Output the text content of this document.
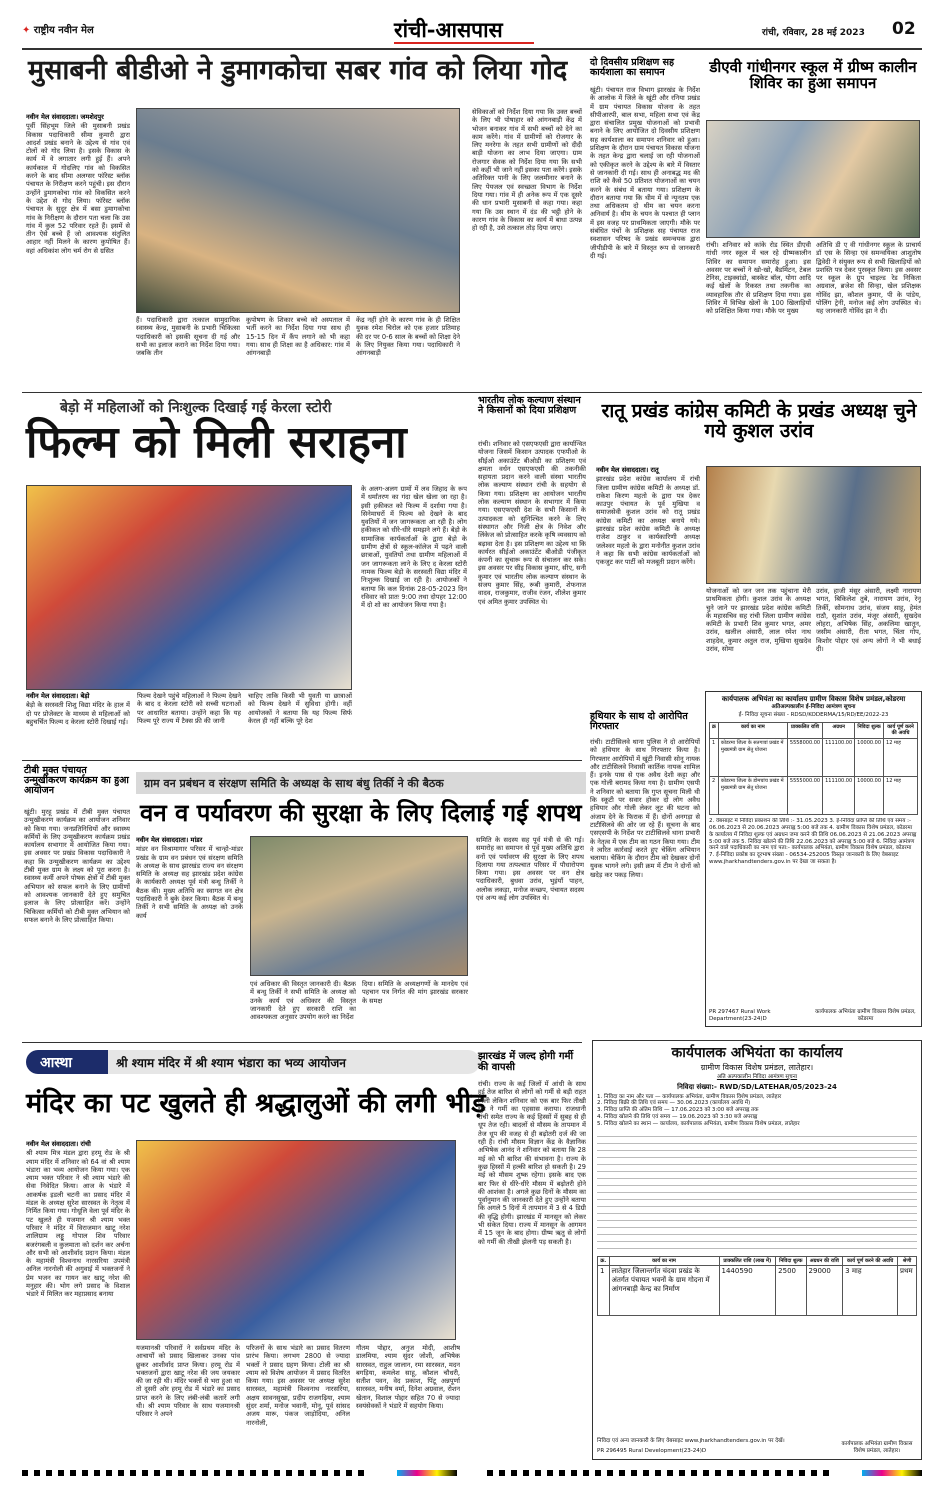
✦ राष्ट्रीय नवीन मेल	रांची-आसपास	रांची, रविवार, 28 मई 2023 02
मुसाबनी बीडीओ ने डुमागकोचा सबर गांव को लिया गोद

नवीन मेल संवाददाता। जमशेदपुर

पूर्वी सिंहभूम जिले की मुसाबनी प्रखंड विकास पदाधिकारी सीमा कुमारी द्वारा आदर्श प्रखंड बनाने के उद्देश्य से गांव एवं टोलों को गोद लिया है। इसके विकास के कार्य में वे लगातार लगी हुई हैं। अपने कार्यकाल में गोदलिए गांव को विकसित करने के बाद सीमा अलग्सर फॉरेस्ट ब्लॉक पंचायत के निरीक्षण करने पहुंची। इस दौरान उन्होंने डुमागकोचा गांव को विकसित करने के उद्देश से गोद लिया। फॉरेस्ट ब्लॉक पंचायत के सुदूर क्षेत्र में बसा डुमागकोचा गांव के निरीक्षण के दौरान पता चला कि उस गांव में कुल 52 परिवार रहते हैं। इसमें से तीन ऐसे बच्चे हैं जो आवश्यक संतुलित आहार नहीं मिलने के कारण कुपोषित हैं। वहां अधिकांश लोग चर्म रोग से ग्रसित

हैं। पदाधिकारी द्वारा तत्काल सामुदायिक स्वास्थ्य केन्द्र, मुसाबनी के प्रभारी चिकित्सा पदाधिकारी को इसकी सूचना दी गई और सभी का इलाज कराने का निर्देश दिया गया। जबकि तीन
कुपोषण के शिकार बच्चे को अस्पताल में भर्ती करने का निर्देश दिया गया साथ ही 15-15 दिन में कैंप लगाने को भी कहा गया। साथ ही शिक्षा का है अधिकार: गांव में आंगनबाड़ी
केंद्र नहीं होने के कारण गांव के ही शिक्षित युवक रमेश चिरोल को एक हजार प्रतिमाह की दर पर 0-6 साल के बच्चों को शिक्षा देने के लिए नियुक्त किया गया। पदाधिकारी ने आंगनबाड़ी
सेविकाओं को निर्देश दिया गया कि उक्त बच्चों के लिए भी पोषाहार को आंगनबाड़ी केंद्र में भोजन बनाकर गांव में सभी बच्चों को देने का काम करेंगे। गांव में ग्रामीणों को रोजगार के लिए मनरेगा के तहत सभी ग्रामीणों को दीदी बाड़ी योजना का लाभ दिया जाएगा। ग्राम रोजगार सेवक को निर्देश दिया गया कि सभी को कहीं भी जाने नहीं इसका पता करेंगे। इसके अतिरिक्त पानी के लिए जलमीनार बनाने के लिए पेयजल एवं स्वच्छता विभाग के निर्देश दिया गया। गांव में ही अनेक रूप में एक दूसरे की धान प्रभारी मुसाबनी से कहा गया। कहा गया कि उस स्थान में दंड की भट्ठी होने के कारण गांव के विकास का कार्य में बाधा उत्पन्न हो रही है, उसे तत्काल तोड़ दिया जाए।
दो दिवसीय प्रशिक्षण सह कार्यशाला का समापन
खूंटी। पंचायत राज विभाग झारखंड के निर्देश के आलोक में जिले के खूंटी और रनिया प्रखंड में ग्राम पंचायत विकास योजना के तहत सीपीआरपी, बाल सभा, महिला सभा एवं केंद्र द्वारा संचालित प्रमुख योजनाओं को प्रभावी बनाने के लिए आयोजित दो दिवसीय प्रशिक्षण सह कार्यशाला का समापन शनिवार को हुआ। प्रशिक्षण के दौरान ग्राम पंचायत विकास योजना के तहत केन्द्र द्वारा चलाई जा रही योजनाओं को एकीकृत करने के उद्देश्य के बारे में विस्तार से जानकारी दी गई। साथ ही अनाबद्ध मद की राशि को कैसे 50 प्रतिशत योजनाओं का चयन करने के संबंध में बताया गया। प्रशिक्षण के दौरान बताया गया कि थीम में से न्यूनतम एक तथा अधिकतम दो थीम का चयन करना अनिवार्य है। थीम के चयन के पश्चात ही प्लान में इस वजह पर प्राथमिकता जाएगी। मौके पर संबंधित पंचों के प्रशिक्षक सह पंचायत राज स्वशासन परिषद के प्रखंड समन्वयक द्वारा जीपीडीपी के बारे में विस्तृत रूप से जानकारी दी गई।
डीएवी गांधीनगर स्कूल में ग्रीष्म कालीन शिविर का हुआ समापन
रांची। शनिवार को कांके रोड स्थित डीएवी गांधी नगर स्कूल में चल रहे ग्रीष्मकालीन शिविर का समापन समारोह हुआ। इस अवसर पर बच्चों ने खो-खो, बैडमिंटन, टेबल टेनिस, टाइक्वांडो, बास्केट बॉल, योगा आदि कई खेलों के रिकस्त तथा तकनीक का व्यावहारिक तौर से प्रशिक्षण दिया गया। इस शिविर में विभिन्न खेलों के 100 खिलाड़ियों को प्रशिक्षित किया गया। मौके पर मुख्य
अतिथि डी ए वी गांधीनगर स्कूल के प्राचार्य डॉ एस के सिन्हा एवं समन्वयिका आशुतोष द्विवेदी ने संयुक्त रूप से सभी खिलाड़ियों को प्रशस्ति पत्र देकर पुरस्कृत किया। इस अवसर पर स्कूल के ग्रुप चाइल्ड रेड निकिता अग्रवाल, ब्रजेश सी सिन्हा, खेल प्रशिक्षक गोविंद झा, कौशल कुमार, पी के पांडेय, पोलिंग ट्रेनी, मनोज कई लोग उपस्थित थे। यह जानकारी गोविंद झा ने दी।
बेड़ो में महिलाओं को निःशुल्क दिखाई गई केरला स्टोरी
फिल्म को मिली सराहना
के अलग-अलग ग्रामों में लव जिहाद के रूप में धर्मांतरण का गंदा खेल खेला जा रहा है। इसी हकीकत को फिल्म में दर्शाया गया है। सिनेमाघरों में फिल्म को देखने के बाद युवतियों में जन जागरूकता आ रही है। लोग हकीकत को धीरे-धीरे समझने लगे हैं। बेड़ो के सामाजिक कार्यकर्ताओं के द्वारा बेड़ो के ग्रामीण क्षेत्रों से स्कूल-कॉलेज में पढ़ने वाली छात्राओं, युवतियों तथा ग्रामीण महिलाओं में जन जागरूकता लाने के लिए द केरला स्टोरी नामक फिल्म बेड़ो के सरस्वती विद्या मंदिर में निःशुल्क दिखाई जा रही है। आयोजकों ने बताया कि कल दिनांक 28-05-2023 दिन रविवार को प्रातः 9:00 तथा दोपहर 12:00 में दो शो का आयोजन किया गया है।

नवीन मेल संवाददाता। बेड़ो

बेड़ो के सरस्वती शिशु विद्या मंदिर के हाल में दो पर प्रोजेक्टर के माध्यम से महिलाओं को बहुचर्चित फिल्म द केरला स्टोरी दिखाई गई।

फिल्म देखने पहुंचे महिलाओं ने फिल्म देखने के बाद द केरला स्टोरी को सच्ची घटनाओं पर आधारित बताया। उन्होंने कहा कि यह फिल्म पूरे राज्य में टैक्स फ्री की जानी
चाहिए ताकि किसी भी युवती या छात्राओं को फिल्म देखने में सुविधा होगी। वहीं आयोजकों ने बताया कि यह फिल्म सिर्फ केरल ही नहीं बल्कि पूरे देश
भारतीय लोक कल्याण संस्थान ने किसानों को दिया प्रशिक्षण
रांची। शनिवार को एसएफएसी द्वारा कार्यान्वित योजना जिसमें किसान उत्पादक एफपीओ के सीईओ अकाउंटेंट बीओडी का प्रशिक्षण एवं क्षमता वर्धन एसएफएसी की तकनीकी सहायता प्रदान करने वाली संस्था भारतीय लोक कल्याण संस्थान रांची के सहयोग से किया गया। प्रशिक्षण का आयोजन भारतीय लोक कल्याण संस्थान के सभागार में किया गया। एसएफएसी देश के सभी किसानों के उत्पादकता को सुनिश्चित करने के लिए संस्थागत और निजी क्षेत्र के निवेश और लिंकेज को प्रोत्साहित करके कृषि व्यवसाय को बढ़ावा देता है। इस प्रशिक्षण का उद्देश्य था कि कार्यरत सीईओ अकाउंटेंट बीओडी पंजीकृत कंपनी का सुचारू रूप से संचालन कर सके। इस अवसर पर सीइ विकास कुमार, सीए, सनी कुमार एवं भारतीय लोक कल्याण संस्थान के संजय कुमार सिंह, रूबी कुमारी, शेफनाज वादव, राजकुमार, राजीव रंजन, शीलेश कुमार एवं अमित कुमार उपस्थित थे।
रातू प्रखंड कांग्रेस कमिटी के प्रखंड अध्यक्ष चुने गये कुशल उरांव

नवीन मेल संवाददाता। रातू

झारखंड प्रदेश कांग्रेस कार्यालय में रांची जिला ग्रामीण कांग्रेस कमिटी के अध्यक्ष डॉ. राकेश किरण महतो के द्वारा पत्र देकर काउपुर पंचायत के पूर्व मुखिया व समाजसेवी कुशल उरांव को रातू प्रखंड कांग्रेस कमिटी का अध्यक्ष बनाये गये। झारखंड प्रदेश कांग्रेस कमिटी के अध्यक्ष राजेश ठाकुर व कार्यकारिणी अध्यक्ष जलेश्वर महतो के द्वारा मनोनीत कुशल उरांव ने कहा कि सभी कांग्रेस कार्यकर्ताओं को एकजुट कर पार्टी को मजबूती प्रदान करेंगे।

योजनाओं को जन जन तक पहुंचाना मेरी प्राथमिकता होगी। कुशल उरांव के अध्यक्ष चुने जाने पर झारखंड प्रदेश कांग्रेस कमिटी के महासचिव सह रांची जिला ग्रामीण कांग्रेस कमिटी के प्रभारी शिव कुमार भगत, अमर उरांव, खलील अंसारी, लाल रमेश नाथ शाहदेव, कुमार अतुल राज, मुखिया सुखदेव उरांव, सोमा
उरांव, हाजी मंसूर अंसारी, लक्ष्मी नारायण भगत, बिकिलेश तुबे, नारायण उरांव, रेनू तिर्की, सोमनाथ उरांव, संजय साहू, हेमंत राठौ, सुशांत उरांव, मंजूर अंसारी, सुखदेव लोहरा, अभिषेक सिंह, अकलिमा खातून, जसीम अंसारी, रीता भगत, चिंता गोप, किशोर पोद्दार एवं अन्य लोगों ने भी बधाई दी।
कार्यपालक अभियंता का कार्यालय ग्रामीण विकास विशेष प्रमंडल,कोडरमा
अतिअल्पकालीन ई-निविदा आमंत्रण सूचना
ई- निविदा सूचना संख्या - RDSD/KODERMA/15/RD/EE/2022-23
क्र	कार्य का नाम	प्राक्कलित राशि	अग्रधन	निविदा शुल्क	कार्य पूर्ण करने की अवधि
1	कोडरमा जिला के सतगावां प्रखंड में मुख्यमंत्री ग्राम सेतु योजना	5558000.00	111100.00	10000.00	12 माह
2	कोडरमा जिला के डोमचांच प्रखंड में मुख्यमंत्री ग्राम सेतु योजना	5555000.00	111100.00	10000.00	12 माह
2. वेबसाइट में निविदा प्रकाशन की तिथि :- 31.05.2023 3. ई-निविदा प्राप्ति की तिथि एवं समय :- 06.06.2023 से 20.06.2023 अपराह्न 5:00 बजे तक 4. ग्रामीण विकास विशेष प्रमंडल, कोडरमा के कार्यालय में निविदा शुल्क एवं अग्रधन जमा करने की तिथि 06.06.2023 से 21.06.2023 अपराह्न 5:00 बजे तक 5. निविदा खोलने की तिथि 22.06.2023 को अपराह्न 5:00 बजे 6. निविदा आमंत्रण करने वाले पदाधिकारी का नाम एवं पता:- कार्यपालक अभियंता, ग्रामीण विकास विशेष प्रमंडल, कोडरमा 7. ई-निविदा प्रकोष्ठ का दूरभाष संख्या - 06534-252005 विस्तृत जानकारी के लिए वेबसाइट www.jharkhandtenders.gov.in पर देखा जा सकता है।
PR 297467 Rural Work Department(23-24)D
कार्यपालक अभियंता ग्रामीण विकास विशेष प्रमंडल, कोडरमा
हथियार के साथ दो आरोपित गिरफ्तार
रांची। टाटीसिलवे थाना पुलिस ने दो आरोपियों को हथियार के साथ गिरफ्तार किया है। गिरफ्तार आरोपियों में खूंटी निवासी सोनू नायक और टाटीसिलवे निवासी कार्तिक नायक शामिल हैं। इनके पास से एक अवैध देशी कट्टा और एक गोली बरामद किया गया है। ग्रामीण एसपी ने शनिवार को बताया कि गुप्त सूचना मिली थी कि स्कूटी पर सवार होकर दो लोग अवैध हथियार और गोली लेकर लूट की घटना को अंजाम देने के फिराक में हैं। दोनों अनगड़ा से टाटीसिलवे की ओर जा रहे हैं। सूचना के बाद एसएसपी के निर्देश पर टाटीसिलवे थाना प्रभारी के नेतृत्व में एक टीम का गठन किया गया। टीम ने त्वरित कार्रवाई करते हुए चेकिंग अभियान चलाया। चेकिंग के दौरान टीम को देखकर दोनों युवक भागने लगे। इसी क्रम में टीम ने दोनों को खदेड़ कर पकड़ लिया।
टीबी मुक्त पंचायत उन्मुखीकरण कार्यक्रम का हुआ आयोजन
खूंटी। मुरहू प्रखंड में टीबी मुक्त पंचायत उन्मुखीकरण कार्यक्रम का आयोजन शनिवार को किया गया। जनप्रतिनिधियों और स्वास्थ्य कर्मियों के लिए उन्मुखीकरण कार्यक्रम प्रखंड कार्यालय सभागार में आयोजित किया गया। इस अवसर पर प्रखंड विकास पदाधिकारी ने कहा कि उन्मुखीकरण कार्यक्रम का उद्देश्य टीबी मुक्त ग्राम के लक्ष्य को पूरा करना है। स्वास्थ्य कर्मी अपने पोषक क्षेत्रों में टीबी मुक्त अभियान को सफल बनाने के लिए ग्रामीणों को आवश्यक जानकारी देते हुए समुचित इलाज के लिए प्रोत्साहित करें। उन्होंने चिकित्सा कर्मियों को टीबी मुक्त अभियान को सफल बनाने के लिए प्रोत्साहित किया।
ग्राम वन प्रबंधन व संरक्षण समिति के अध्यक्ष के साथ बंधु तिर्की ने की बैठक
वन व पर्यावरण की सुरक्षा के लिए दिलाई गई शपथ

नवीन मेल संवाददाता। मांडर

मांडर वन विश्रामागार परिसर में चान्हो-मांडर प्रखंड के ग्राम वन प्रबंधन एवं संरक्षण समिति के अध्यक्ष के साथ झारखंड राज्य वन संरक्षण समिति के अध्यक्ष सह झारखंड प्रदेश कांग्रेस के कार्यकारी अध्यक्ष पूर्व मंत्री बन्धु तिर्की ने बैठक की। मुख्य अतिथि का स्वागत वन क्षेत्र पदाधिकारी ने बुके देकर किया। बैठक में बन्धु तिर्की ने सभी समिति के अध्यक्ष को उनके कार्य

एवं अधिकार की विस्तृत जानकारी दी। बैठक में बन्धु तिर्की ने सभी समिति के अध्यक्ष को उनके कार्य एवं अधिकार की विस्तृत जानकारी देते हुए सरकारी राशि का आवश्यकता अनुसार उपयोग करने का निर्देश
दिया। समिति के अध्यक्षगणों के मानदेय एवं पहचान पत्र निर्गत की मांग झारखंड सरकार के समक्ष
समिति के सदस्य सह पूर्व मंत्री से की गई। समारोह का समापन से पूर्व मुख्य अतिथि द्वारा वनों एवं पर्यावरण की सुरक्षा के लिए शपथ दिलाया गया तत्पश्चात परिसर में पौधारोपण किया गया। इस अवसर पर वन क्षेत्र पदाधिकारी, बुधवा उरांव, भुइंयाँ पाहन, अलोक लकड़ा, मनोज कच्छप, पंचायत सदस्य एवं अन्य कई लोग उपस्थित थे।
आस्था	श्री श्याम मंदिर में श्री श्याम भंडारा का भव्य आयोजन
मंदिर का पट खुलते ही श्रद्धालुओं की लगी भीड़

नवीन मेल संवाददाता। रांची

श्री श्याम मित्र मंडल द्वारा हरमू रोड के श्री श्याम मंदिर में शनिवार को 64 वां श्री श्याम भंडारा का भव्य आयोजन किया गया। एक श्याम भक्त परिवार ने श्री श्याम भंडारे की सेवा निवेदित किया। आज के भंडारे में आकर्षक इडली चटनी का प्रसाद मंदिर में मंडल के अध्यक्ष सुरेश सारस्वत के नेतृत्व में निर्मित किया गया। गोधूलि वेला पूर्व मंदिर के पट खुलते ही यजमान श्री श्याम भक्त परिवार ने मंदिर में विराजमान खाटू नरेश शालिग्राम लड्डू गोपाल शिव परिवार बजरंगबली व कुलमाता को दर्शन कर अर्चना और सभी को आशीर्वाद प्रदान किया। मंडल के महामंत्री विश्वनाथ नारसरिया उपमंत्री अनिल नारनोली की अगुवाई में भक्तजनों ने प्रेम भजन का गायन कर खाटू नरेश की मनुहार की। भोग लगे प्रसाद के विशाल भंडारे में मिलित कर महाप्रसाद बनाया

यजमानश्री परिवारों ने सर्वप्रथम मंदिर के आचार्यों को प्रसाद खिलाकर उनका पांव छूकर आशीर्वाद प्राप्त किया। हरमू रोड में भक्तजनों द्वारा खाटू नरेश की जय जयकार की जा रही थी। मंदिर भक्तों से भरा हुआ था तो दूसरी ओर हरमू रोड में भंडारे का प्रसाद प्राप्त करने के लिए लंबी-लंबी कतारें लगी थी। श्री श्याम परिवार के साथ यजमानश्री परिवार ने अपने
परिजनों के साथ भंडारे का प्रसाद वितरण प्रारंभ किया। लगभग 2800 से ज्यादा भक्तों ने प्रसाद ग्रहण किया। टोली का श्री श्याम को विशेष आयोजन में प्रसाद वितरित किया गया। इस अवसर पर अध्यक्ष सुरेश सारस्वत, महामंत्री विश्वनाथ नारसरिया, अक्षय सावनसुखा, प्रदीप राजगढ़िया, श्याम सुंदर शर्मा, मनोज भवानी, मोनू, पूर्व सांसद अजय मारू, पंकज जाड़ोदिया, अनिल नारनोली,
गौतम पोद्दार, अनुज मोदी, आशीष डालमिया, श्याम सुंदर जोशी, अभिषेक सारस्वत, राहुल जालान, रमा सारस्वत, मदन बगड़िया, कमलेश साहू, कौशल चौधरी, सतीश पवन, वेद प्रकाश, पिंटू अन्नपूर्णा सारस्वत, मनीष वर्मा, दिनेश अग्रवाल, रोशन खेतान, विशाल पोद्दार सहित 70 से ज्यादा स्वयंसेवकों ने भंडारे में सहयोग किया।
झारखंड में जल्द होगी गर्मी की वापसी
रांची। राज्य के कई जिलों में आंधी के साथ हुई तेज बारिश से लोगों को गर्मी से बड़ी राहत मिली लेकिन शनिवार को एक बार फिर तीखी धूप ने गर्मी का एहसास कराया। राजधानी रांची समेत राज्य के कई हिस्सों में सुबह से ही धूप तेज रही। बादलों से मौसम के तापमान में तेज धूप की वजह से ही बढ़ोतरी दर्ज की जा रही है। रांची मौसम विज्ञान केंद्र के वैज्ञानिक अभिषेक आनंद ने शनिवार को बताया कि 28 मई को भी बारिश की संभावना है। राज्य के कुछ हिस्सों में हल्की बारिश हो सकती है। 29 मई को मौसम शुष्क रहेगा। इसके बाद एक बार फिर से धीरे-धीरे मौसम में बढ़ोतरी होने की आशंका है। अगले कुछ दिनों के मौसम का पूर्वानुमान की जानकारी देते हुए उन्होंने बताया कि अगले 5 दिनों में तापमान में 3 से 4 डिग्री की वृद्धि होगी। झारखंड में मानसून को लेकर भी संकेत दिया। राज्य में मानसून के आगमन में 15 जून के बाद होगा। ग्रीष्म ऋतु से लोगों को गर्मी की तीखी झेलनी पड़ सकती है।
कार्यपालक अभियंता का कार्यालय
ग्रामीण विकास विशेष प्रमंडल, लातेहार।
अति अल्पकालीन निविदा आमंत्रण सूचना
निविदा संख्या:- RWD/SD/LATEHAR/05/2023-24
1. निविदा का नाम और पता — कार्यपालक अभियंता, ग्रामीण विकास विशेष प्रमंडल, लातेहार
2. निविदा बिक्री की तिथि एवं समय — 30.06.2023 (कार्यालय अवधि में)
3. निविदा प्राप्ति की अंतिम तिथि — 17.06.2023 को 3:00 बजे अपराह्न तक
4. निविदा खोलने की तिथि एवं समय — 19.06.2023 को 3:30 बजे अपराह्न
5. निविदा खोलने का स्थान — कार्यालय, कार्यपालक अभियंता, ग्रामीण विकास विशेष प्रमंडल, लातेहार
क्र.	कार्य का नाम	प्राक्कलित राशि (लाख में)	निविदा शुल्क	अग्रधन की राशि	कार्य पूर्ण करने की अवधि	श्रेणी
1	लातेहार जिलान्तर्गत चंदवा प्रखंड के अंतर्गत पंचायत भवनों के ग्राम गोदना में आंगनबाड़ी केन्द्र का निर्माण	1440590	2500	29000	3 माह	प्रथम
निविदा एवं अन्य जानकारी के लिए वेबसाइट www.jharkhandtenders.gov.in पर देखें।
PR 296495 Rural Development(23-24)D
कार्यपालक अभियंता ग्रामीण विकास विशेष प्रमंडल, लातेहार।
